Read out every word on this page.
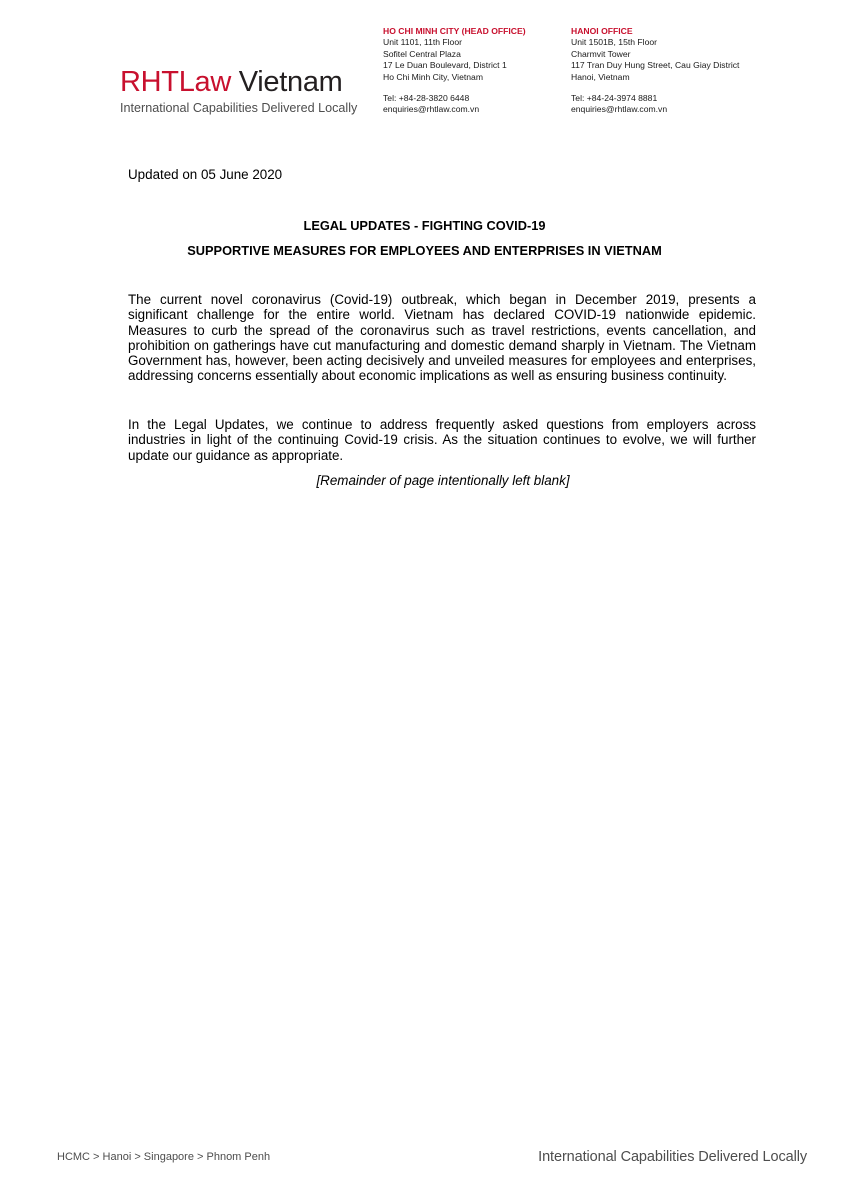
RHTLaw Vietnam
International Capabilities Delivered Locally
HO CHI MINH CITY (HEAD OFFICE)
Unit 1101, 11th Floor
Sofitel Central Plaza
17 Le Duan Boulevard, District 1
Ho Chi Minh City, Vietnam
Tel: +84-28-3820 6448
enquiries@rhtlaw.com.vn
HANOI OFFICE
Unit 1501B, 15th Floor
Charmvit Tower
117 Tran Duy Hung Street, Cau Giay District
Hanoi, Vietnam
Tel: +84-24-3974 8881
enquiries@rhtlaw.com.vn
Updated on 05 June 2020
LEGAL UPDATES - FIGHTING COVID-19
SUPPORTIVE MEASURES FOR EMPLOYEES AND ENTERPRISES IN VIETNAM
The current novel coronavirus (Covid-19) outbreak, which began in December 2019, presents a significant challenge for the entire world. Vietnam has declared COVID-19 nationwide epidemic. Measures to curb the spread of the coronavirus such as travel restrictions, events cancellation, and prohibition on gatherings have cut manufacturing and domestic demand sharply in Vietnam. The Vietnam Government has, however, been acting decisively and unveiled measures for employees and enterprises, addressing concerns essentially about economic implications as well as ensuring business continuity.
In the Legal Updates, we continue to address frequently asked questions from employers across industries in light of the continuing Covid-19 crisis. As the situation continues to evolve, we will further update our guidance as appropriate.
[Remainder of page intentionally left blank]
HCMC > Hanoi > Singapore > Phnom Penh	International Capabilities Delivered Locally
